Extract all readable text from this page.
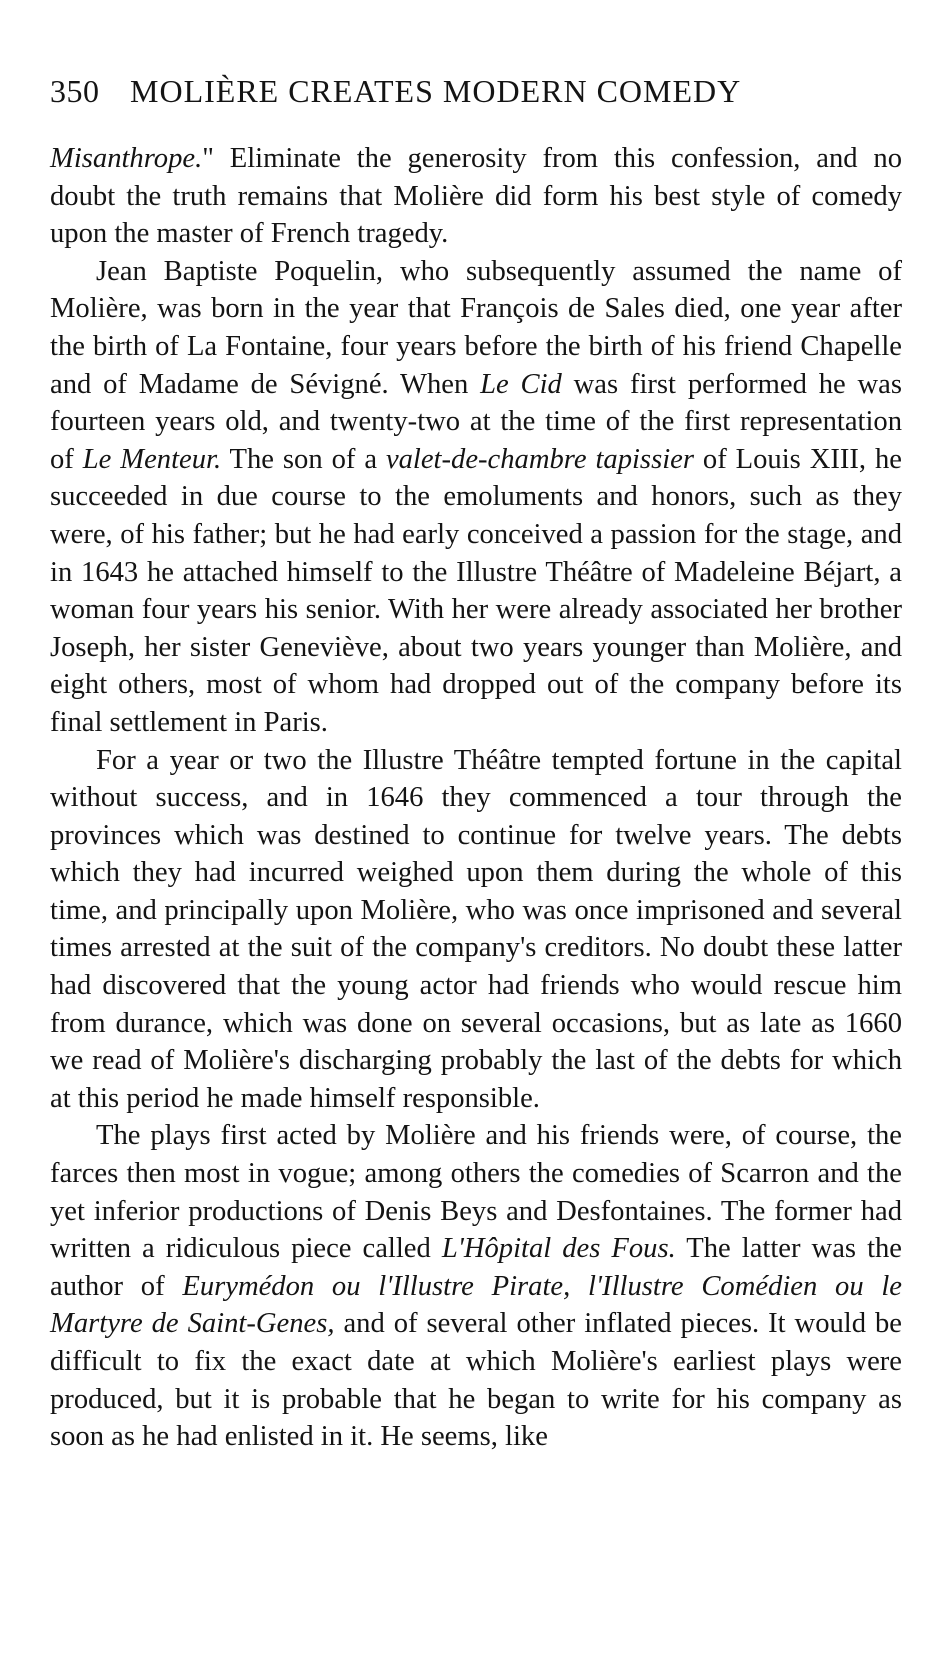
350 MOLIÈRE CREATES MODERN COMEDY

Misanthrope." Eliminate the generosity from this confession, and no doubt the truth remains that Molière did form his best style of comedy upon the master of French tragedy.

Jean Baptiste Poquelin, who subsequently assumed the name of Molière, was born in the year that François de Sales died, one year after the birth of La Fontaine, four years before the birth of his friend Chapelle and of Madame de Sévigné. When Le Cid was first performed he was fourteen years old, and twenty-two at the time of the first representation of Le Menteur. The son of a valet-de-chambre tapissier of Louis XIII, he succeeded in due course to the emoluments and honors, such as they were, of his father; but he had early conceived a passion for the stage, and in 1643 he attached himself to the Illustre Théâtre of Madeleine Béjart, a woman four years his senior. With her were already associated her brother Joseph, her sister Geneviève, about two years younger than Molière, and eight others, most of whom had dropped out of the company before its final settlement in Paris.

For a year or two the Illustre Théâtre tempted fortune in the capital without success, and in 1646 they commenced a tour through the provinces which was destined to continue for twelve years. The debts which they had incurred weighed upon them during the whole of this time, and principally upon Molière, who was once imprisoned and several times arrested at the suit of the company's creditors. No doubt these latter had discovered that the young actor had friends who would rescue him from durance, which was done on several occasions, but as late as 1660 we read of Molière's discharging probably the last of the debts for which at this period he made himself responsible.

The plays first acted by Molière and his friends were, of course, the farces then most in vogue; among others the comedies of Scarron and the yet inferior productions of Denis Beys and Desfontaines. The former had written a ridiculous piece called L'Hôpital des Fous. The latter was the author of Eurymédon ou l'Illustre Pirate, l'Illustre Comédien ou le Martyre de Saint-Genes, and of several other inflated pieces. It would be difficult to fix the exact date at which Molière's earliest plays were produced, but it is probable that he began to write for his company as soon as he had enlisted in it. He seems, like
